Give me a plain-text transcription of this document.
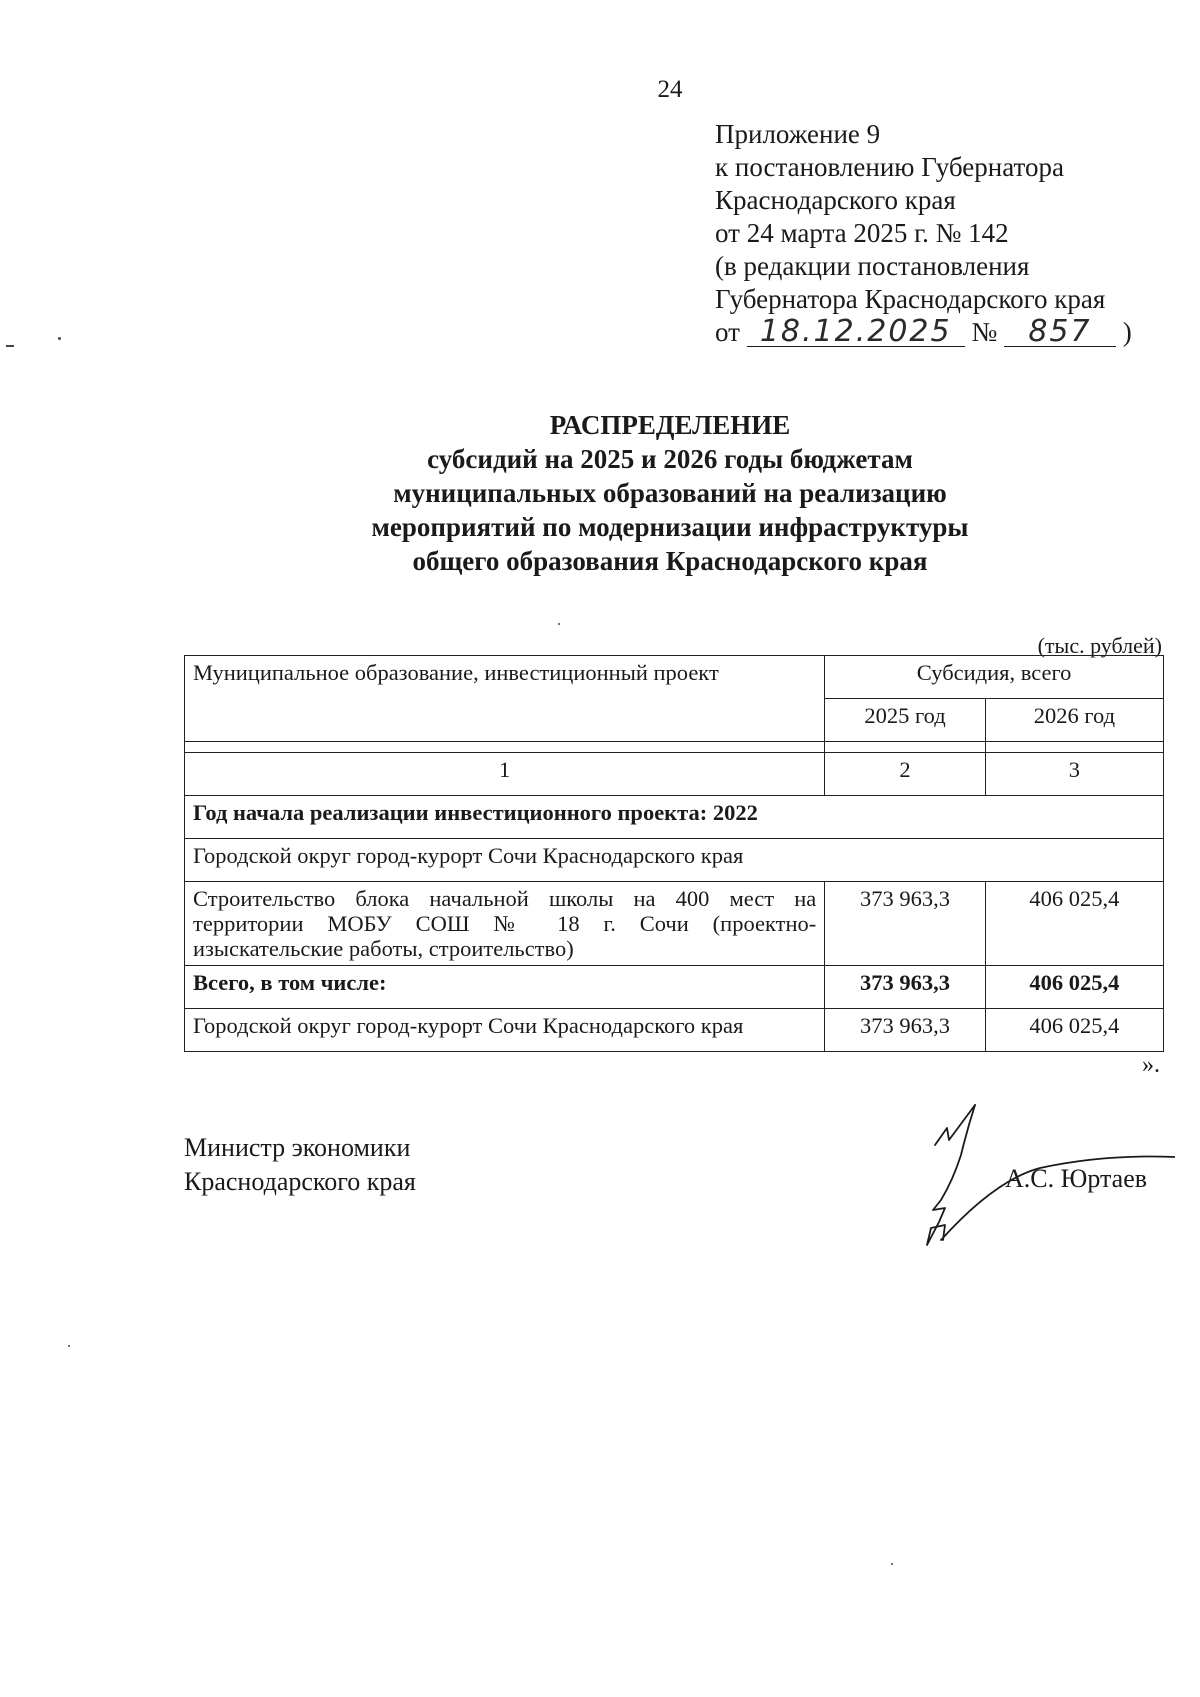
24
Приложение 9
к постановлению Губернатора
Краснодарского края
от 24 марта 2025 г. № 142
(в редакции постановления
Губернатора Краснодарского края
от 18.12.2025 № 857 )
РАСПРЕДЕЛЕНИЕ
субсидий на 2025 и 2026 годы бюджетам
муниципальных образований на реализацию
мероприятий по модернизации инфраструктуры
общего образования Краснодарского края
(тыс. рублей)
Муниципальное образование, инвестиционный проект	Субсидия, всего	
	2025 год	2026 год

1	2	3
Год начала реализации инвестиционного проекта: 2022		
Городской округ город-курорт Сочи Краснодарского края		
Строительство блока начальной школы на 400 мест на территории МОБУ СОШ № 18 г. Сочи (проектно-изыскательские работы, строительство)	373 963,3	406 025,4
Всего, в том числе:	373 963,3	406 025,4
Городской округ город-курорт Сочи Краснодарского края	373 963,3	406 025,4
».
Министр экономики
Краснодарского края	А.С. Юртаев
